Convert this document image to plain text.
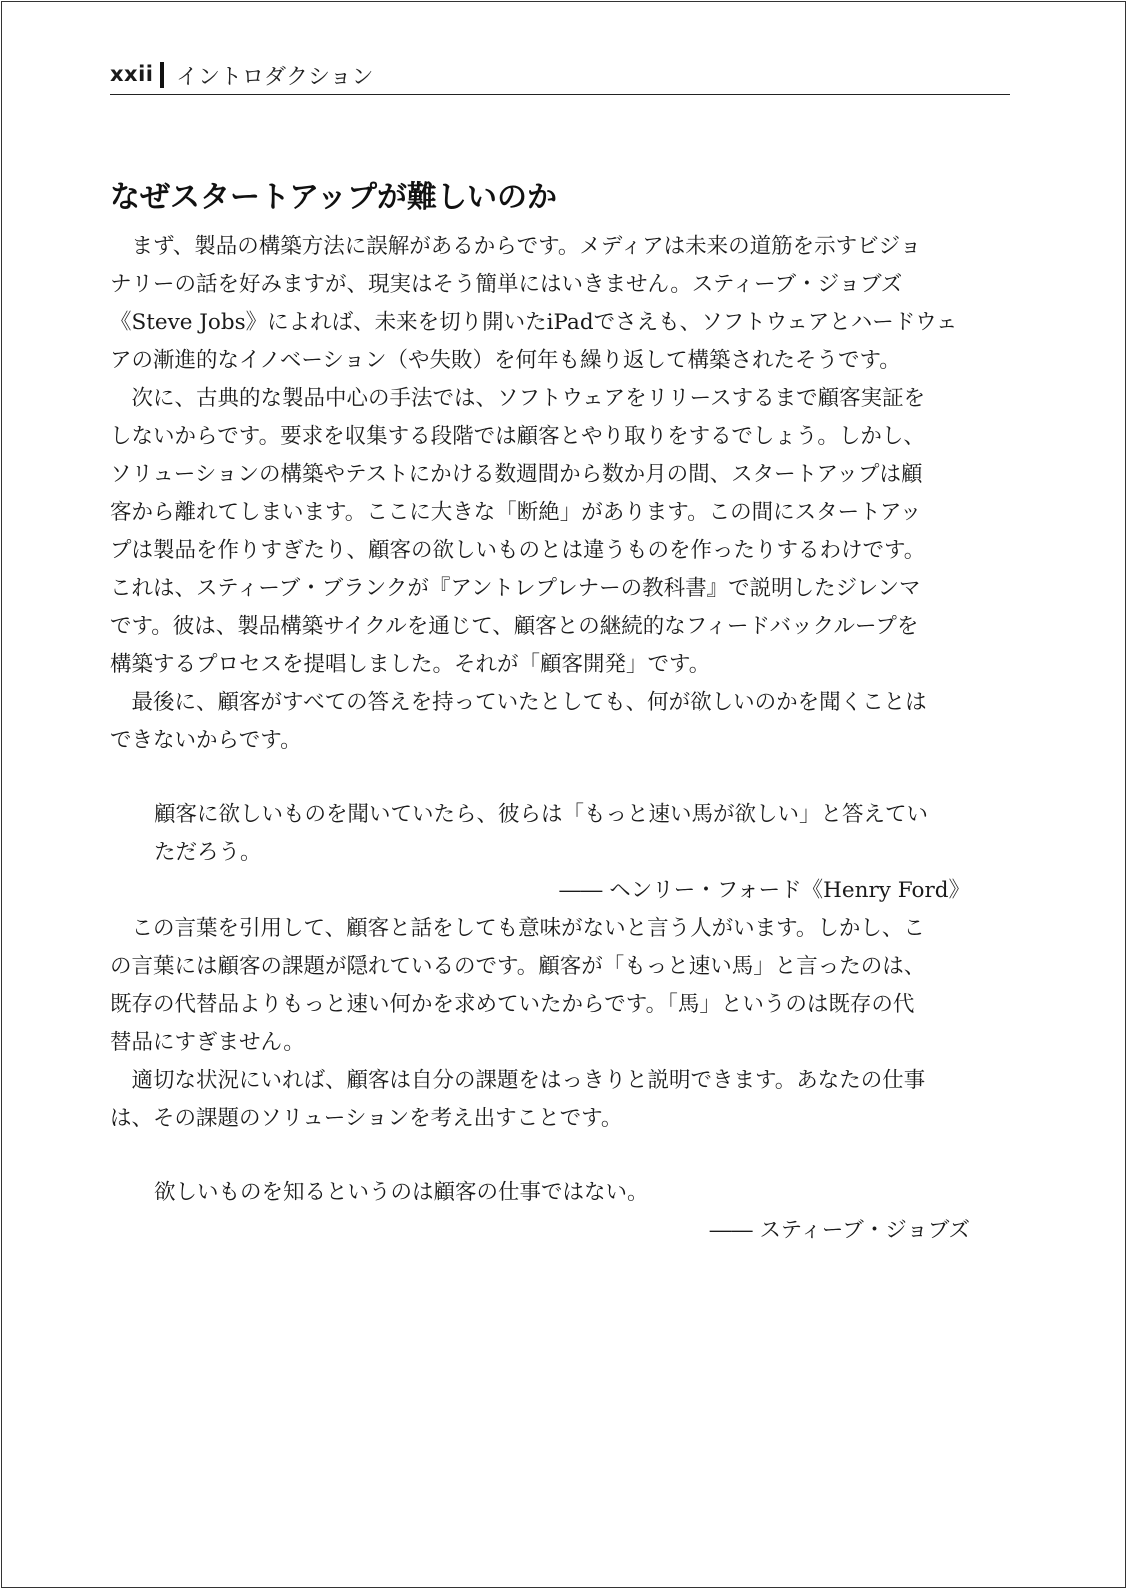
xxii イントロダクション
なぜスタートアップが難しいのか
　まず、製品の構築方法に誤解があるからです。メディアは未来の道筋を示すビジョ
ナリーの話を好みますが、現実はそう簡単にはいきません。スティーブ・ジョブズ
《Steve Jobs》によれば、未来を切り開いたiPadでさえも、ソフトウェアとハードウェ
アの漸進的なイノベーション（や失敗）を何年も繰り返して構築されたそうです。
　次に、古典的な製品中心の手法では、ソフトウェアをリリースするまで顧客実証を
しないからです。要求を収集する段階では顧客とやり取りをするでしょう。しかし、
ソリューションの構築やテストにかける数週間から数か月の間、スタートアップは顧
客から離れてしまいます。ここに大きな「断絶」があります。この間にスタートアッ
プは製品を作りすぎたり、顧客の欲しいものとは違うものを作ったりするわけです。
これは、スティーブ・ブランクが『アントレプレナーの教科書』で説明したジレンマ
です。彼は、製品構築サイクルを通じて、顧客との継続的なフィードバックループを
構築するプロセスを提唱しました。それが「顧客開発」です。
　最後に、顧客がすべての答えを持っていたとしても、何が欲しいのかを聞くことは
できないからです。
顧客に欲しいものを聞いていたら、彼らは「もっと速い馬が欲しい」と答えてい
ただろう。
―― ヘンリー・フォード《Henry Ford》
　この言葉を引用して、顧客と話をしても意味がないと言う人がいます。しかし、こ
の言葉には顧客の課題が隠れているのです。顧客が「もっと速い馬」と言ったのは、
既存の代替品よりもっと速い何かを求めていたからです。「馬」というのは既存の代
替品にすぎません。
　適切な状況にいれば、顧客は自分の課題をはっきりと説明できます。あなたの仕事
は、その課題のソリューションを考え出すことです。
欲しいものを知るというのは顧客の仕事ではない。
―― スティーブ・ジョブズ
